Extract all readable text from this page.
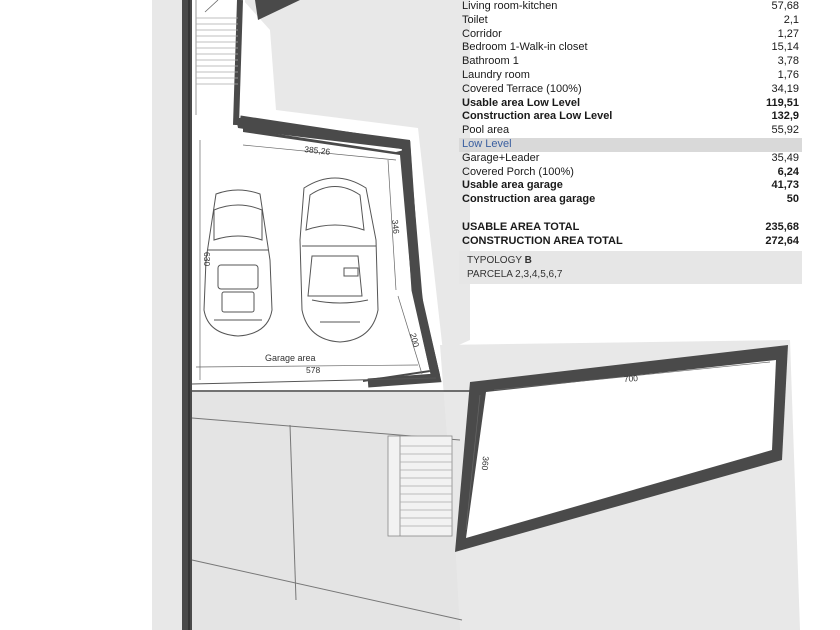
385,26
630
346
200
Garage area
578
700
360
Living room-kitchen	57,68
Toilet	2,1
Corridor	1,27
Bedroom 1-Walk-in closet	15,14
Bathroom 1	3,78
Laundry room	1,76
Covered Terrace (100%)	34,19
Usable area Low Level	119,51
Construction area Low Level	132,9
Pool area	55,92
Low Level
Garage+Leader	35,49
Covered Porch (100%)	6,24
Usable area garage	41,73
Construction area garage	50
USABLE AREA TOTAL	235,68
CONSTRUCTION AREA TOTAL	272,64
TYPOLOGY B
PARCELA 2,3,4,5,6,7
